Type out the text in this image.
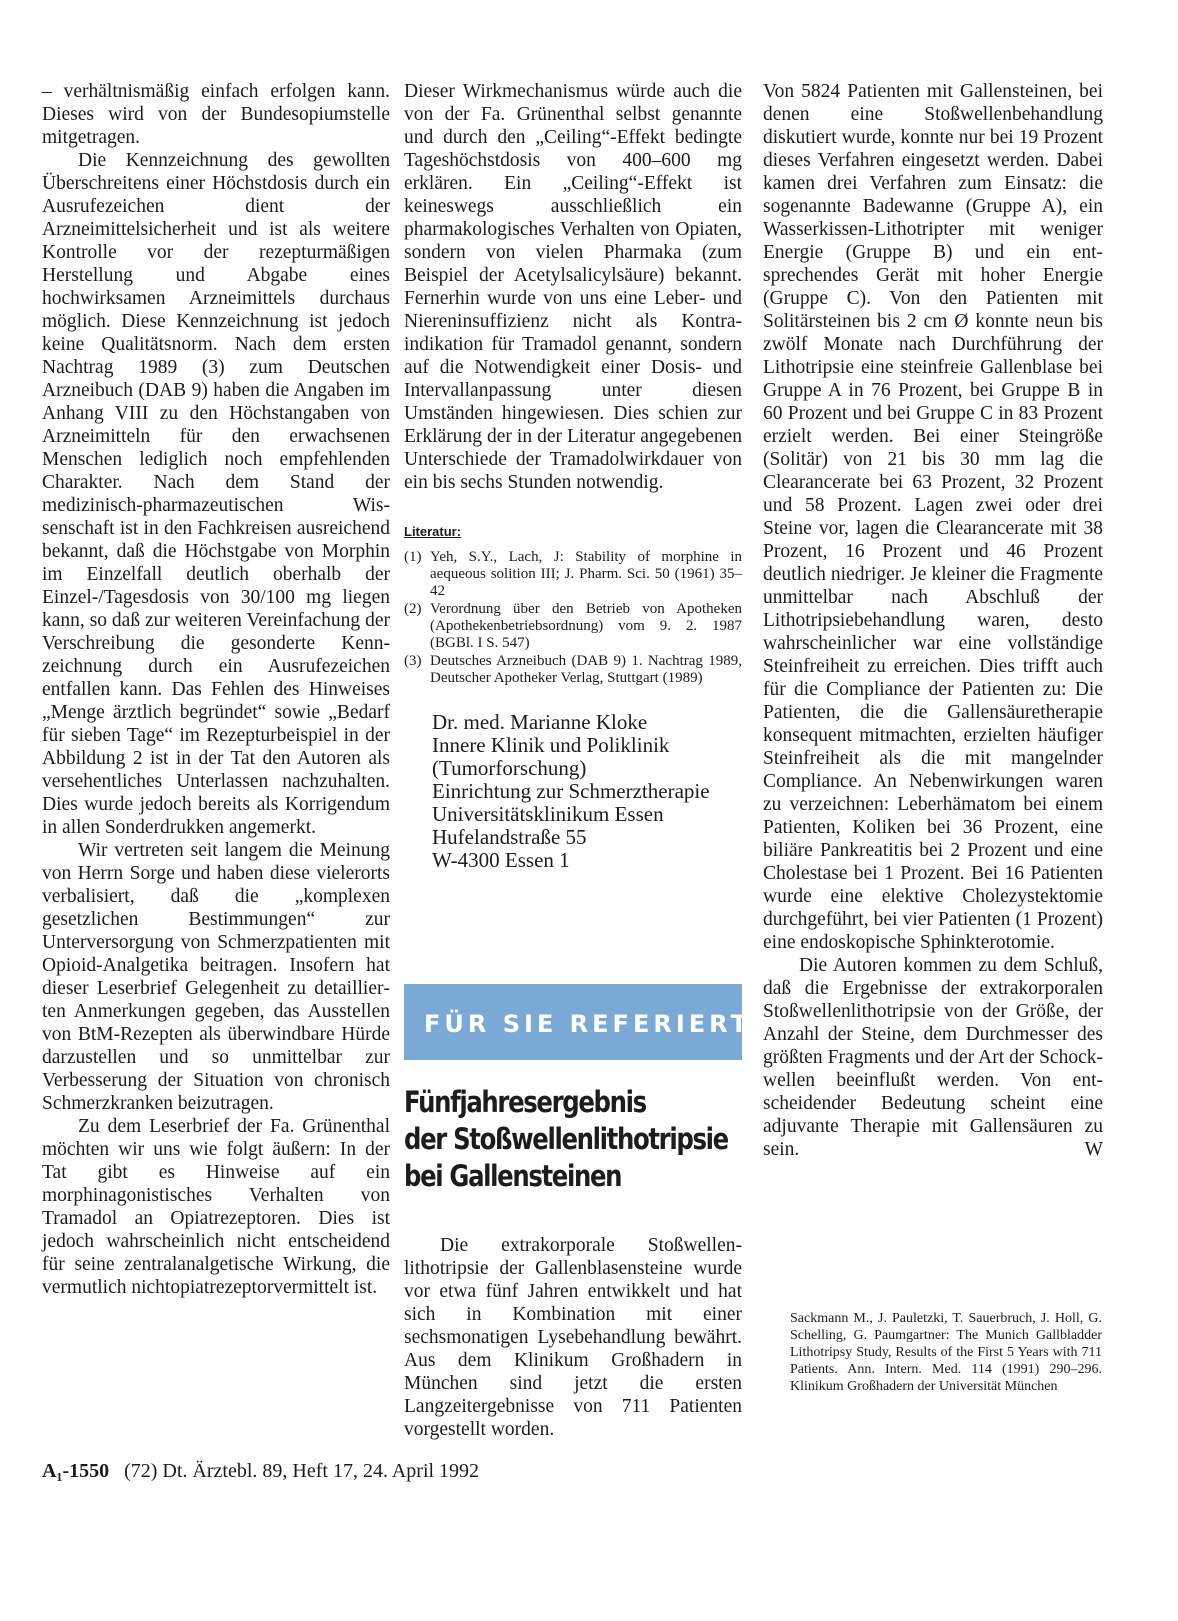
– verhältnismäßig einfach erfolgen kann. Dieses wird von der Bundesopiumstelle mitgetragen.

Die Kennzeichnung des gewollten Überschreitens einer Höchstdosis durch ein Ausrufezeichen dient der Arzneimittelsicherheit und ist als weitere Kontrolle vor der rezepturmäßigen Herstellung und Abgabe eines hochwirksamen Arzneimittels durchaus möglich. Diese Kennzeichnung ist jedoch keine Qualitätsnorm. Nach dem ersten Nachtrag 1989 (3) zum Deutschen Arzneibuch (DAB 9) haben die Angaben im Anhang VIII zu den Höchstangaben von Arzneimitteln für den erwachsenen Menschen lediglich noch empfehlenden Charakter. Nach dem Stand der medizinisch-pharmazeutischen Wissenschaft ist in den Fachkreisen ausreichend bekannt, daß die Höchstgabe von Morphin im Einzelfall deutlich oberhalb der Einzel-/Tagesdosis von 30/100 mg liegen kann, so daß zur weiteren Vereinfachung der Verschreibung die gesonderte Kennzeichnung durch ein Ausrufezeichen entfallen kann. Das Fehlen des Hinweises „Menge ärztlich begründet“ sowie „Bedarf für sieben Tage“ im Rezepturbeispiel in der Abbildung 2 ist in der Tat den Autoren als versehentliches Unterlassen nachzuhalten. Dies wurde jedoch bereits als Korrigendum in allen Sonderdrukken angemerkt.

Wir vertreten seit langem die Meinung von Herrn Sorge und haben diese vielerorts verbalisiert, daß die „komplexen gesetzlichen Bestimmungen“ zur Unterversorgung von Schmerzpatienten mit Opioid-Analgetika beitragen. Insofern hat dieser Leserbrief Gelegenheit zu detaillierten Anmerkungen gegeben, das Ausstellen von BtM-Rezepten als überwindbare Hürde darzustellen und so unmittelbar zur Verbesserung der Situation von chronisch Schmerzkranken beizutragen.

Zu dem Leserbrief der Fa. Grünenthal möchten wir uns wie folgt äußern: In der Tat gibt es Hinweise auf ein morphinagonistisches Verhalten von Tramadol an Opiatrezeptoren. Dies ist jedoch wahrscheinlich nicht entscheidend für seine zentralanalgetische Wirkung, die vermutlich nichtopiatrezeptorvermittelt ist.

Dieser Wirkmechanismus würde auch die von der Fa. Grünenthal selbst genannte und durch den „Ceiling“-Effekt bedingte Tageshöchstdosis von 400–600 mg erklären. Ein „Ceiling“-Effekt ist keineswegs ausschließlich ein pharmakologisches Verhalten von Opiaten, sondern von vielen Pharmaka (zum Beispiel der Acetylsalicylsäure) bekannt. Fernerhin wurde von uns eine Leber- und Niereninsuffizienz nicht als Kontraindikation für Tramadol genannt, sondern auf die Notwendigkeit einer Dosis- und Intervallanpassung unter diesen Umständen hingewiesen. Dies schien zur Erklärung der in der Literatur angegebenen Unterschiede der Tramadolwirkdauer von ein bis sechs Stunden notwendig.

Literatur:
(1) Yeh, S.Y., Lach, J: Stability of morphine in aequeous solition III; J. Pharm. Sci. 50 (1961) 35–42
(2) Verordnung über den Betrieb von Apotheken (Apothekenbetriebsordnung) vom 9. 2. 1987 (BGBl. I S. 547)
(3) Deutsches Arzneibuch (DAB 9) 1. Nachtrag 1989, Deutscher Apotheker Verlag, Stuttgart (1989)
Dr. med. Marianne Kloke
Innere Klinik und Poliklinik
(Tumorforschung)
Einrichtung zur Schmerztherapie
Universitätsklinikum Essen
Hufelandstraße 55
W-4300 Essen 1
FÜR SIE REFERIERT
Fünfjahresergebnis
der Stoßwellenlithotripsie
bei Gallensteinen

Die extrakorporale Stoßwellenlithotripsie der Gallenblasensteine wurde vor etwa fünf Jahren entwikkelt und hat sich in Kombination mit einer sechsmonatigen Lysebehandlung bewährt. Aus dem Klinikum Großhadern in München sind jetzt die ersten Langzeitergebnisse von 711 Patienten vorgestellt worden.

Von 5824 Patienten mit Gallensteinen, bei denen eine Stoßwellenbehandlung diskutiert wurde, konnte nur bei 19 Prozent dieses Verfahren eingesetzt werden. Dabei kamen drei Verfahren zum Einsatz: die sogenannte Badewanne (Gruppe A), ein Wasserkissen-Lithotripter mit weniger Energie (Gruppe B) und ein entsprechendes Gerät mit hoher Energie (Gruppe C). Von den Patienten mit Solitärsteinen bis 2 cm Ø konnte neun bis zwölf Monate nach Durchführung der Lithotripsie eine steinfreie Gallenblase bei Gruppe A in 76 Prozent, bei Gruppe B in 60 Prozent und bei Gruppe C in 83 Prozent erzielt werden. Bei einer Steingröße (Solitär) von 21 bis 30 mm lag die Clearancerate bei 63 Prozent, 32 Prozent und 58 Prozent. Lagen zwei oder drei Steine vor, lagen die Clearancerate mit 38 Prozent, 16 Prozent und 46 Prozent deutlich niedriger. Je kleiner die Fragmente unmittelbar nach Abschluß der Lithotripsiebehandlung waren, desto wahrscheinlicher war eine vollständige Steinfreiheit zu erreichen. Dies trifft auch für die Compliance der Patienten zu: Die Patienten, die die Gallensäuretherapie konsequent mitmachten, erzielten häufiger Steinfreiheit als die mit mangelnder Compliance. An Nebenwirkungen waren zu verzeichnen: Leberhämatom bei einem Patienten, Koliken bei 36 Prozent, eine biliäre Pankreatitis bei 2 Prozent und eine Cholestase bei 1 Prozent. Bei 16 Patienten wurde eine elektive Cholezystektomie durchgeführt, bei vier Patienten (1 Prozent) eine endoskopische Sphinkterotomie.

Die Autoren kommen zu dem Schluß, daß die Ergebnisse der extrakorporalen Stoßwellenlithotripsie von der Größe, der Anzahl der Steine, dem Durchmesser des größten Fragments und der Art der Schockwellen beeinflußt werden. Von entscheidender Bedeutung scheint eine adjuvante Therapie mit Gallensäuren zu sein.	W

Sackmann M., J. Pauletzki, T. Sauerbruch, J. Holl, G. Schelling, G. Paumgartner: The Munich Gallbladder Lithotripsy Study, Results of the First 5 Years with 711 Patients. Ann. Intern. Med. 114 (1991) 290–296. Klinikum Großhadern der Universität München

A₁-1550 (72) Dt. Ärztebl. 89, Heft 17, 24. April 1992
